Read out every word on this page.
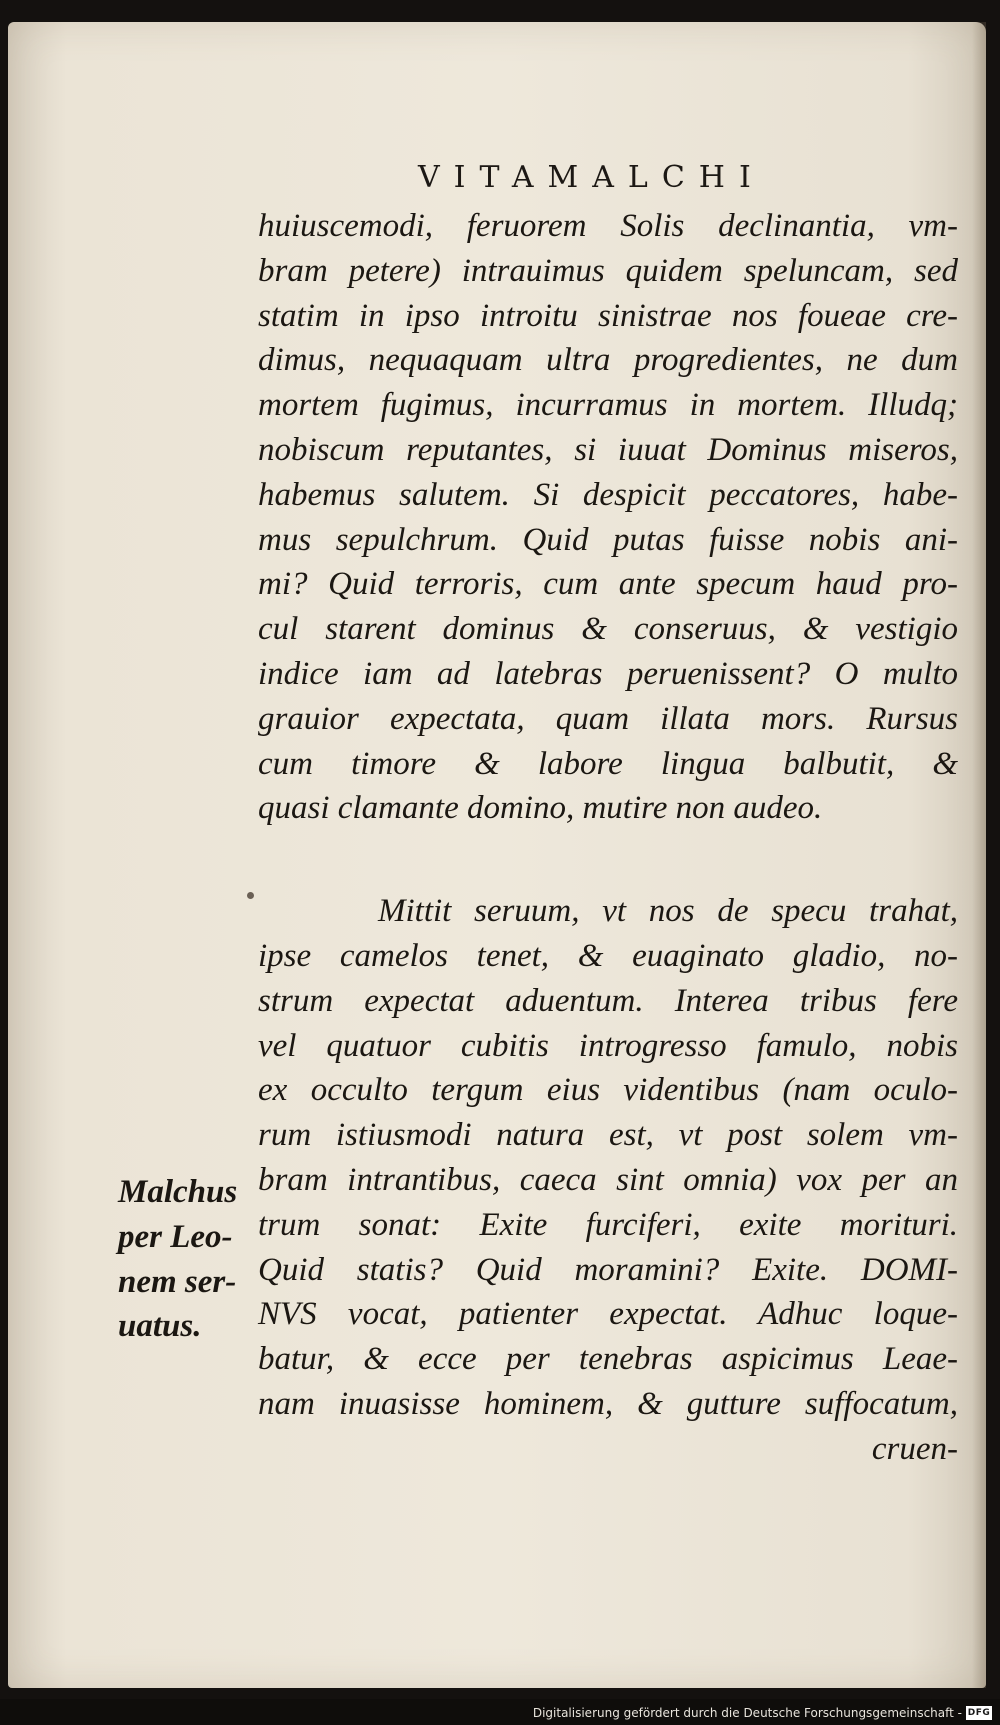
VITAMALCHI
huiuscemodi, feruorem Solis declinantia, vm-
bram petere) intrauimus quidem speluncam, sed
statim in ipso introitu sinistrae nos foueae cre-
dimus, nequaquam ultra progredientes, ne dum
mortem fugimus, incurramus in mortem. Illudq;
nobiscum reputantes, si iuuat Dominus miseros,
habemus salutem. Si despicit peccatores, habe-
mus sepulchrum. Quid putas fuisse nobis ani-
mi? Quid terroris, cum ante specum haud pro-
cul starent dominus & conseruus, & vestigio
indice iam ad latebras peruenissent? O multo
grauior expectata, quam illata mors. Rursus
cum timore & labore lingua balbutit, &
quasi clamante domino, mutire non audeo.
Mittit seruum, vt nos de specu trahat,
ipse camelos tenet, & euaginato gladio, no-
strum expectat aduentum. Interea tribus fere
vel quatuor cubitis introgresso famulo, nobis
ex occulto tergum eius videntibus (nam oculo-
rum istiusmodi natura est, vt post solem vm-
bram intrantibus, caeca sint omnia) vox per an
trum sonat: Exite furciferi, exite morituri.
Quid statis? Quid moramini? Exite. DOMI-
NVS vocat, patienter expectat. Adhuc loque-
batur, & ecce per tenebras aspicimus Leae-
nam inuasisse hominem, & gutture suffocatum,
cruen-
Malchus
per Leo-
nem ser-
uatus.
Digitalisierung gefördert durch die Deutsche Forschungsgemeinschaft - DFG
